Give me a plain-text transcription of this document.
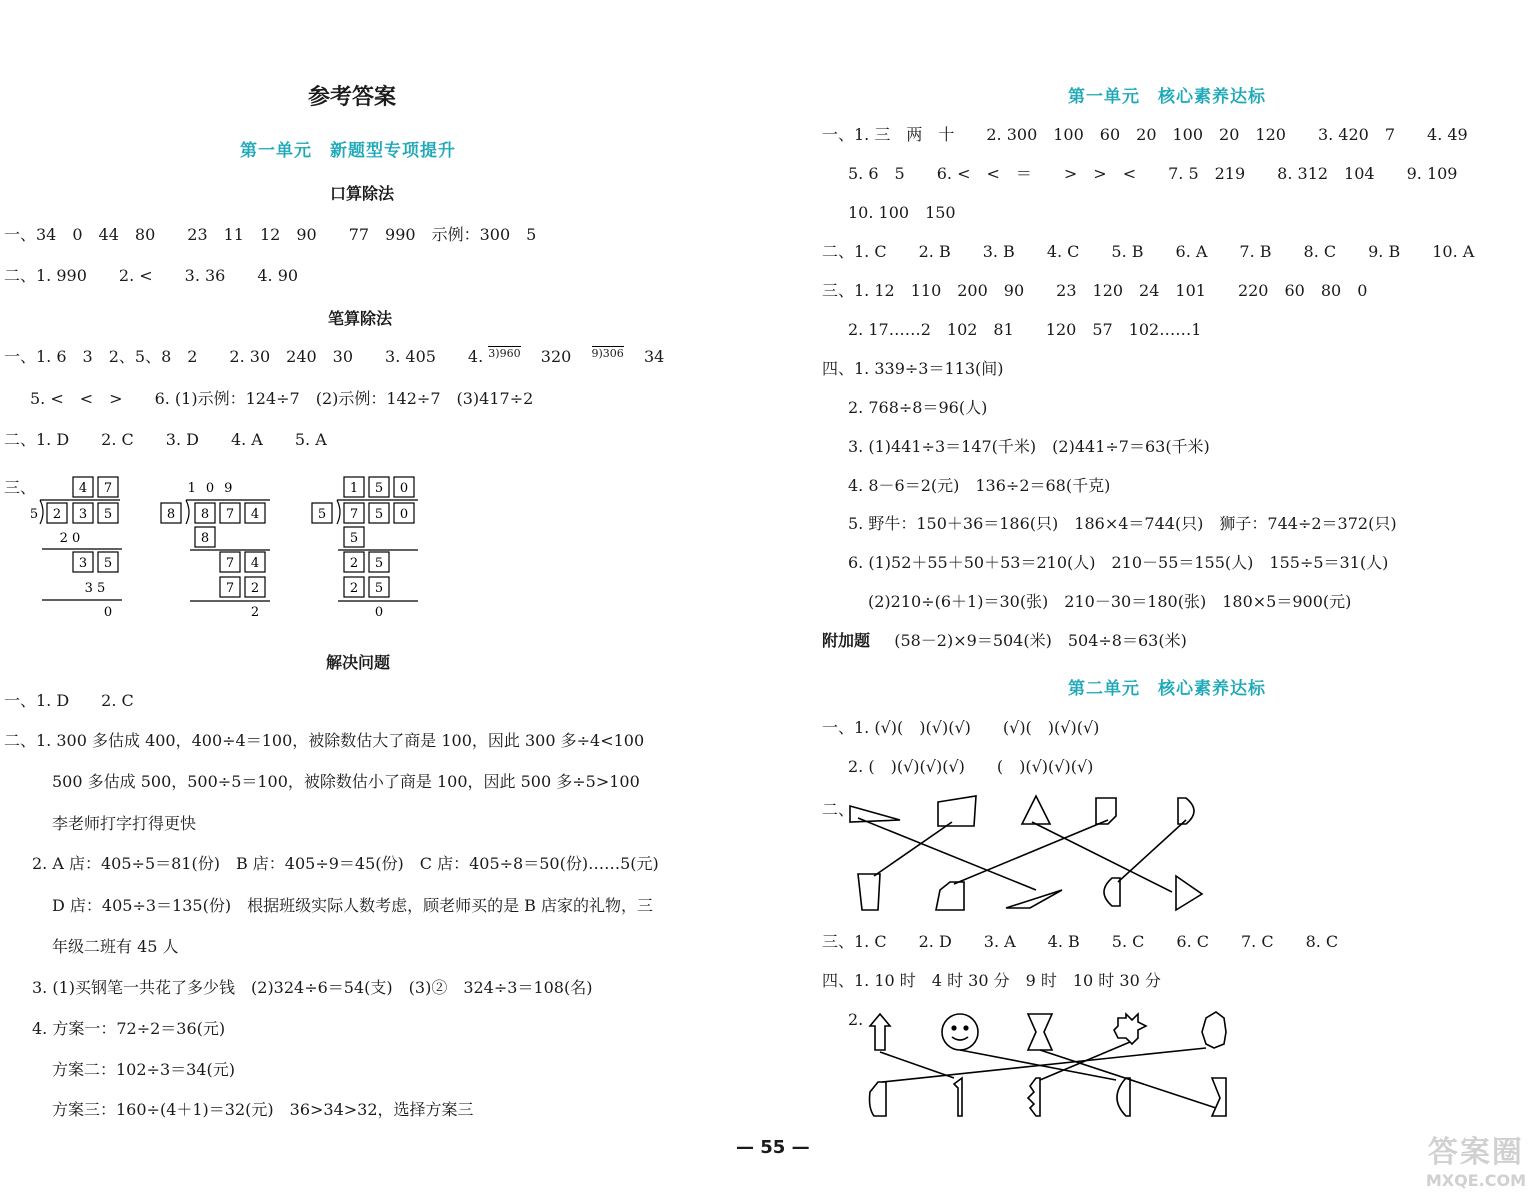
参考答案
第一单元　新题型专项提升
口算除法
一、34　0　44　80　　23　11　12　90　　77　990　示例：300　5
二、1. 990　　2. <　　3. 36　　4. 90
笔算除法
一、1. 6　3　2、5、8　2　　2. 30　240　30　　3. 405　　4. $^{3)960}$ 320 $^{9)306}$ 34
5. <　<　>　　6. (1)示例：124÷7　(2)示例：142÷7　(3)417÷2
二、1. D　　2. C　　3. D　　4. A　　5. A
三、	4 7
5 2 3 5
2 0
3 5
3 5
0
109
8 8 7 4
8
7 4
7 2
2
1 5 0
5 7 5 0
5
2 5
2 5
0
解决问题
一、1. D　　2. C
二、1. 300 多估成 400，400÷4＝100，被除数估大了商是 100，因此 300 多÷4<100
500 多估成 500，500÷5＝100，被除数估小了商是 100，因此 500 多÷5>100
李老师打字打得更快
2. A 店：405÷5＝81(份)　B 店：405÷9＝45(份)　C 店：405÷8＝50(份)……5(元)
D 店：405÷3＝135(份)　根据班级实际人数考虑，顾老师买的是 B 店家的礼物，三
年级二班有 45 人
3. (1)买钢笔一共花了多少钱　(2)324÷6＝54(支)　(3)②　324÷3＝108(名)
4. 方案一：72÷2＝36(元)
方案二：102÷3＝34(元)
方案三：160÷(4＋1)＝32(元)　36>34>32，选择方案三
第一单元　核心素养达标
一、1. 三　两　十　　2. 300　100　60　20　100　20　120　　3. 420　7　　4. 49
5. 6　5　　6. <　<　＝　　>　>　<　　7. 5　219　　8. 312　104　　9. 109
10. 100　150
二、1. C　　2. B　　3. B　　4. C　　5. B　　6. A　　7. B　　8. C　　9. B　　10. A
三、1. 12　110　200　90　　23　120　24　101　　220　60　80　0
2. 17……2　102　81　　120　57　102……1
四、1. 339÷3＝113(间)
2. 768÷8＝96(人)
3. (1)441÷3＝147(千米)　(2)441÷7＝63(千米)
4. 8－6＝2(元)　136÷2＝68(千克)
5. 野牛：150＋36＝186(只)　186×4＝744(只)　狮子：744÷2＝372(只)
6. (1)52＋55＋50＋53＝210(人)　210－55＝155(人)　155÷5＝31(人)
(2)210÷(6＋1)＝30(张)　210－30＝180(张)　180×5＝900(元)
附加题 (58－2)×9＝504(米)　504÷8＝63(米)
第二单元　核心素养达标
一、1. (√)(　)(√)(√)　　(√)(　)(√)(√)
2. (　)(√)(√)(√)　　(　)(√)(√)(√)
二、
三、1. C　　2. D　　3. A　　4. B　　5. C　　6. C　　7. C　　8. C
四、1. 10 时　4 时 30 分　9 时　10 时 30 分
2.
— 55 —	答案圈
MXQE.COM
